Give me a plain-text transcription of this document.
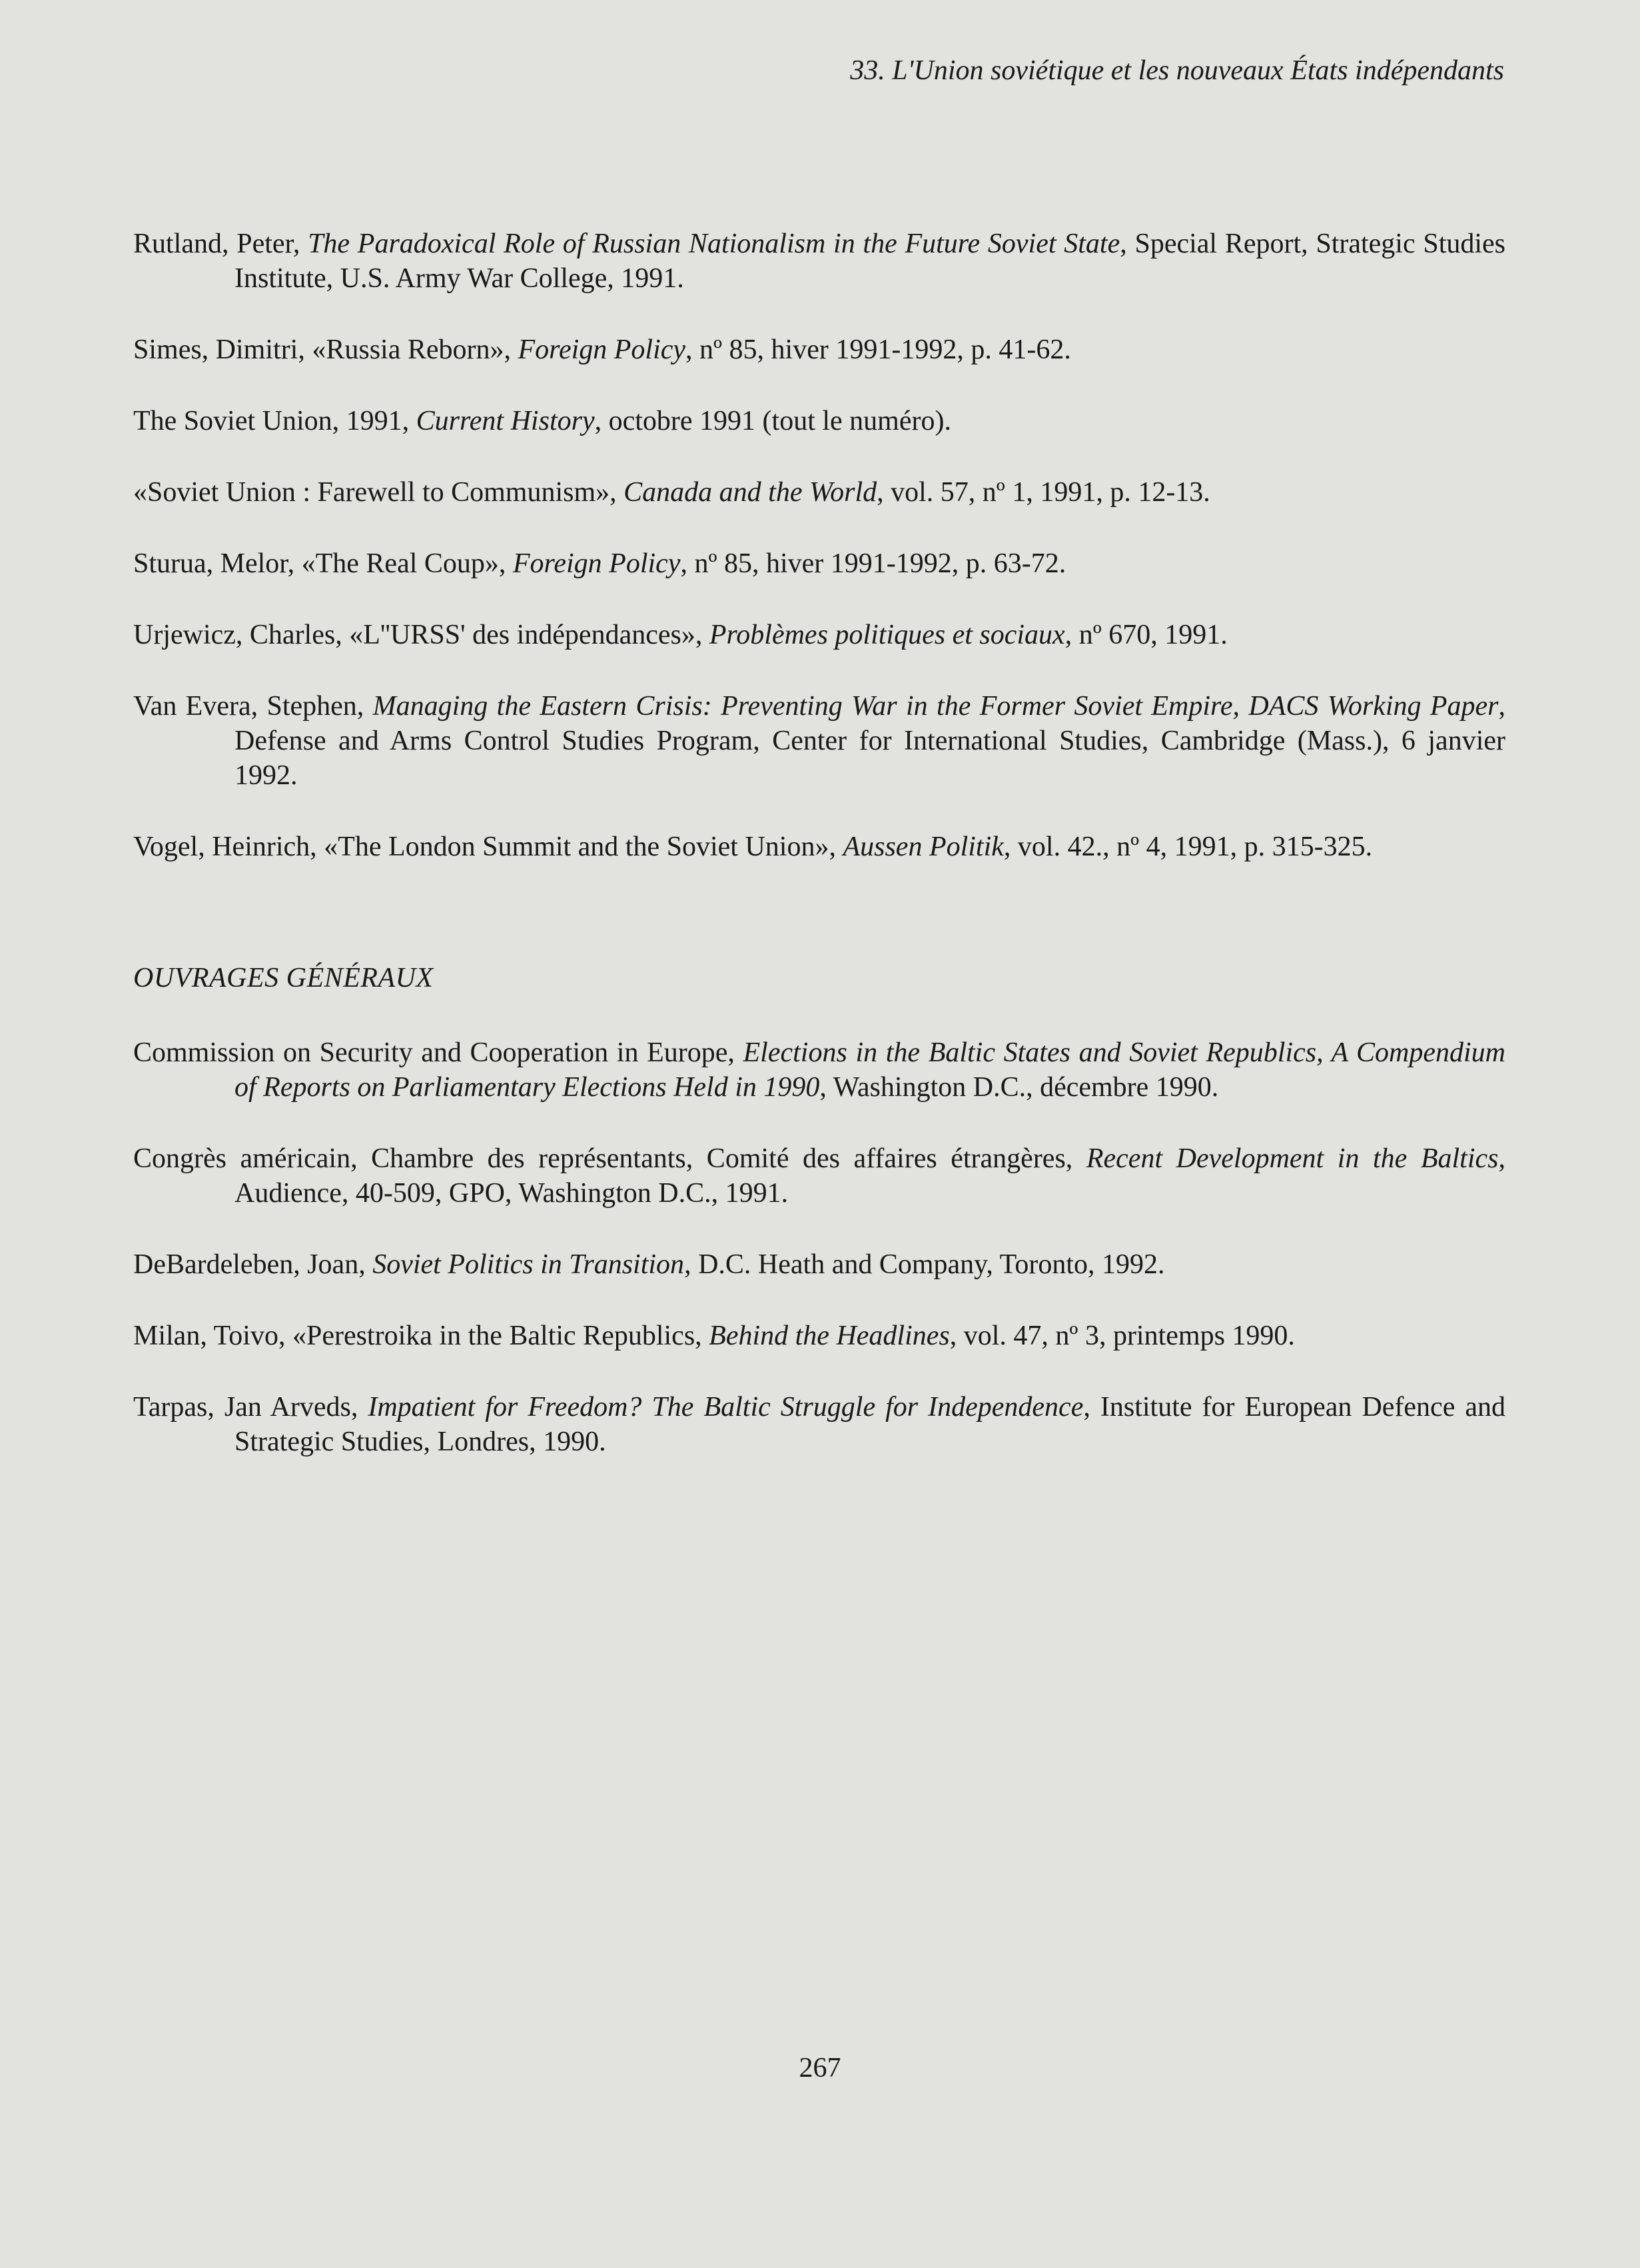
33. L'Union soviétique et les nouveaux États indépendants

Rutland, Peter, The Paradoxical Role of Russian Nationalism in the Future Soviet State, Special Report, Strategic Studies Institute, U.S. Army War College, 1991.

Simes, Dimitri, «Russia Reborn», Foreign Policy, nº 85, hiver 1991-1992, p. 41-62.

The Soviet Union, 1991, Current History, octobre 1991 (tout le numéro).

«Soviet Union : Farewell to Communism», Canada and the World, vol. 57, nº 1, 1991, p. 12-13.

Sturua, Melor, «The Real Coup», Foreign Policy, nº 85, hiver 1991-1992, p. 63-72.

Urjewicz, Charles, «L''URSS' des indépendances», Problèmes politiques et sociaux, nº 670, 1991.

Van Evera, Stephen, Managing the Eastern Crisis: Preventing War in the Former Soviet Empire, DACS Working Paper, Defense and Arms Control Studies Program, Center for International Studies, Cambridge (Mass.), 6 janvier 1992.

Vogel, Heinrich, «The London Summit and the Soviet Union», Aussen Politik, vol. 42., nº 4, 1991, p. 315-325.

OUVRAGES GÉNÉRAUX

Commission on Security and Cooperation in Europe, Elections in the Baltic States and Soviet Republics, A Compendium of Reports on Parliamentary Elections Held in 1990, Washington D.C., décembre 1990.

Congrès américain, Chambre des représentants, Comité des affaires étrangères, Recent Development in the Baltics, Audience, 40-509, GPO, Washington D.C., 1991.

DeBardeleben, Joan, Soviet Politics in Transition, D.C. Heath and Company, Toronto, 1992.

Milan, Toivo, «Perestroika in the Baltic Republics, Behind the Headlines, vol. 47, nº 3, printemps 1990.

Tarpas, Jan Arveds, Impatient for Freedom? The Baltic Struggle for Independence, Institute for European Defence and Strategic Studies, Londres, 1990.

267
